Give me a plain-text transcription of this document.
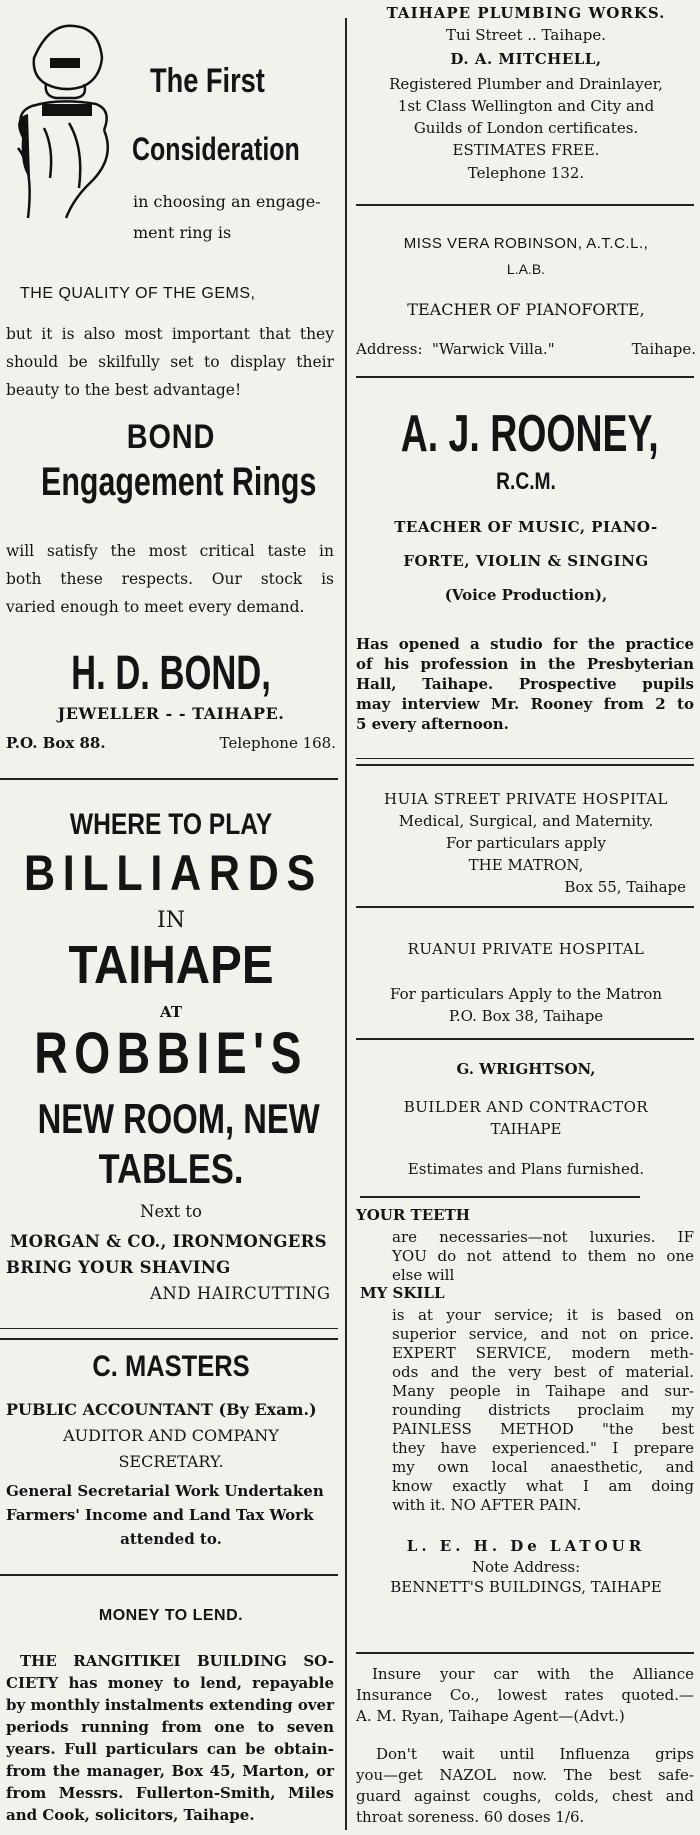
The First
Consideration
in choosing an engage-
ment ring is
THE QUALITY OF THE GEMS,
but it is also most important that they
should be skilfully set to display their
beauty to the best advantage!
BOND
Engagement Rings
will satisfy the most critical taste in
both these respects. Our stock is
varied enough to meet every demand.
H. D. BOND,
JEWELLER - - TAIHAPE.
P.O. Box 88.	Telephone 168.
WHERE TO PLAY
BILLIARDS
IN
TAIHAPE
AT
ROBBIE'S
NEW ROOM, NEW
TABLES.
Next to
MORGAN & CO., IRONMONGERS
BRING YOUR SHAVING
AND HAIRCUTTING
C. MASTERS
PUBLIC ACCOUNTANT (By Exam.)
AUDITOR AND COMPANY
SECRETARY.
General Secretarial Work Undertaken
Farmers' Income and Land Tax Work
attended to.
MONEY TO LEND.
THE RANGITIKEI BUILDING SO-
CIETY has money to lend, repayable
by monthly instalments extending over
periods running from one to seven
years. Full particulars can be obtain-
from the manager, Box 45, Marton, or
from Messrs. Fullerton-Smith, Miles
and Cook, solicitors, Taihape.
TAIHAPE PLUMBING WORKS.
Tui Street .. Taihape.
D. A. MITCHELL,
Registered Plumber and Drainlayer,
1st Class Wellington and City and
Guilds of London certificates.
ESTIMATES FREE.
Telephone 132.
MISS VERA ROBINSON, A.T.C.L.,
L.A.B.
TEACHER OF PIANOFORTE,
Address: "Warwick Villa."	Taihape.
A. J. ROONEY,
R.C.M.
TEACHER OF MUSIC, PIANO-
FORTE, VIOLIN & SINGING
(Voice Production),
Has opened a studio for the practice
of his profession in the Presbyterian
Hall, Taihape. Prospective pupils
may interview Mr. Rooney from 2 to
5 every afternoon.
HUIA STREET PRIVATE HOSPITAL
Medical, Surgical, and Maternity.
For particulars apply
THE MATRON,
Box 55, Taihape
RUANUI PRIVATE HOSPITAL
For particulars Apply to the Matron
P.O. Box 38, Taihape
G. WRIGHTSON,
BUILDER AND CONTRACTOR
TAIHAPE
Estimates and Plans furnished.
YOUR TEETH
are necessaries—not luxuries. IF
YOU do not attend to them no one
else will
MY SKILL
is at your service; it is based on
superior service, and not on price.
EXPERT SERVICE, modern meth-
ods and the very best of material.
Many people in Taihape and sur-
rounding districts proclaim my
PAINLESS METHOD "the best
they have experienced." I prepare
my own local anaesthetic, and
know exactly what I am doing
with it. NO AFTER PAIN.
L. E. H. De LATOUR
Note Address:
BENNETT'S BUILDINGS, TAIHAPE
Insure your car with the Alliance
Insurance Co., lowest rates quoted.—
A. M. Ryan, Taihape Agent—(Advt.)
Don't wait until Influenza grips
you—get NAZOL now. The best safe-
guard against coughs, colds, chest and
throat soreness. 60 doses 1/6.
